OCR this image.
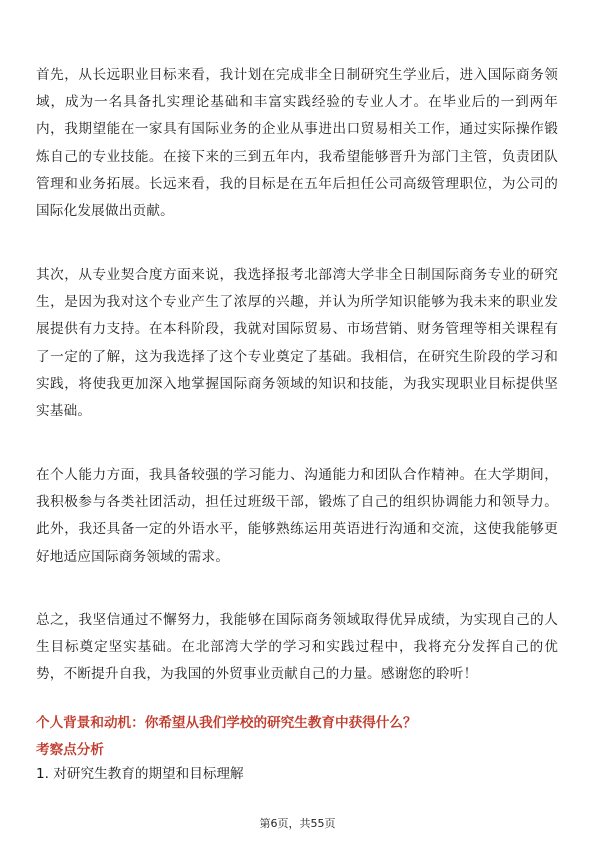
首先，从长远职业目标来看，我计划在完成非全日制研究生学业后，进入国际商务领域，成为一名具备扎实理论基础和丰富实践经验的专业人才。在毕业后的一到两年内，我期望能在一家具有国际业务的企业从事进出口贸易相关工作，通过实际操作锻炼自己的专业技能。在接下来的三到五年内，我希望能够晋升为部门主管，负责团队管理和业务拓展。长远来看，我的目标是在五年后担任公司高级管理职位，为公司的国际化发展做出贡献。

其次，从专业契合度方面来说，我选择报考北部湾大学非全日制国际商务专业的研究生，是因为我对这个专业产生了浓厚的兴趣，并认为所学知识能够为我未来的职业发展提供有力支持。在本科阶段，我就对国际贸易、市场营销、财务管理等相关课程有了一定的了解，这为我选择了这个专业奠定了基础。我相信，在研究生阶段的学习和实践，将使我更加深入地掌握国际商务领域的知识和技能，为我实现职业目标提供坚实基础。

在个人能力方面，我具备较强的学习能力、沟通能力和团队合作精神。在大学期间，我积极参与各类社团活动，担任过班级干部，锻炼了自己的组织协调能力和领导力。此外，我还具备一定的外语水平，能够熟练运用英语进行沟通和交流，这使我能够更好地适应国际商务领域的需求。

总之，我坚信通过不懈努力，我能够在国际商务领域取得优异成绩，为实现自己的人生目标奠定坚实基础。在北部湾大学的学习和实践过程中，我将充分发挥自己的优势，不断提升自我，为我国的外贸事业贡献自己的力量。感谢您的聆听！

个人背景和动机：你希望从我们学校的研究生教育中获得什么？

考察点分析

1. 对研究生教育的期望和目标理解

第6页，共55页
